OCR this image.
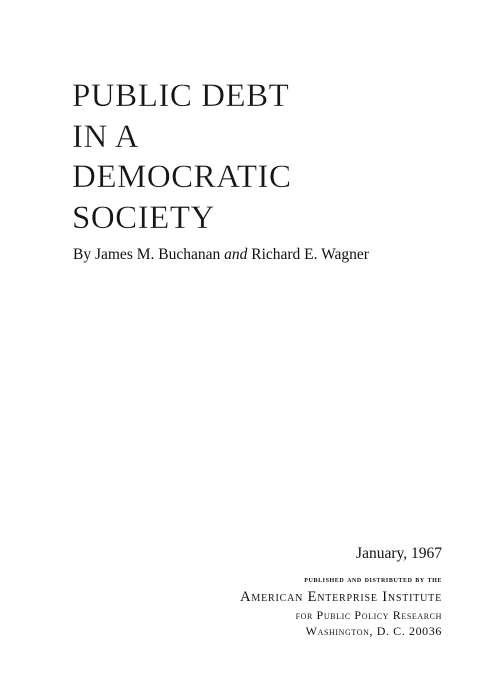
PUBLIC DEBT
IN A
DEMOCRATIC
SOCIETY
By James M. Buchanan and Richard E. Wagner
January, 1967
published and distributed by the
American Enterprise Institute
for Public Policy Research
Washington, D. C. 20036
